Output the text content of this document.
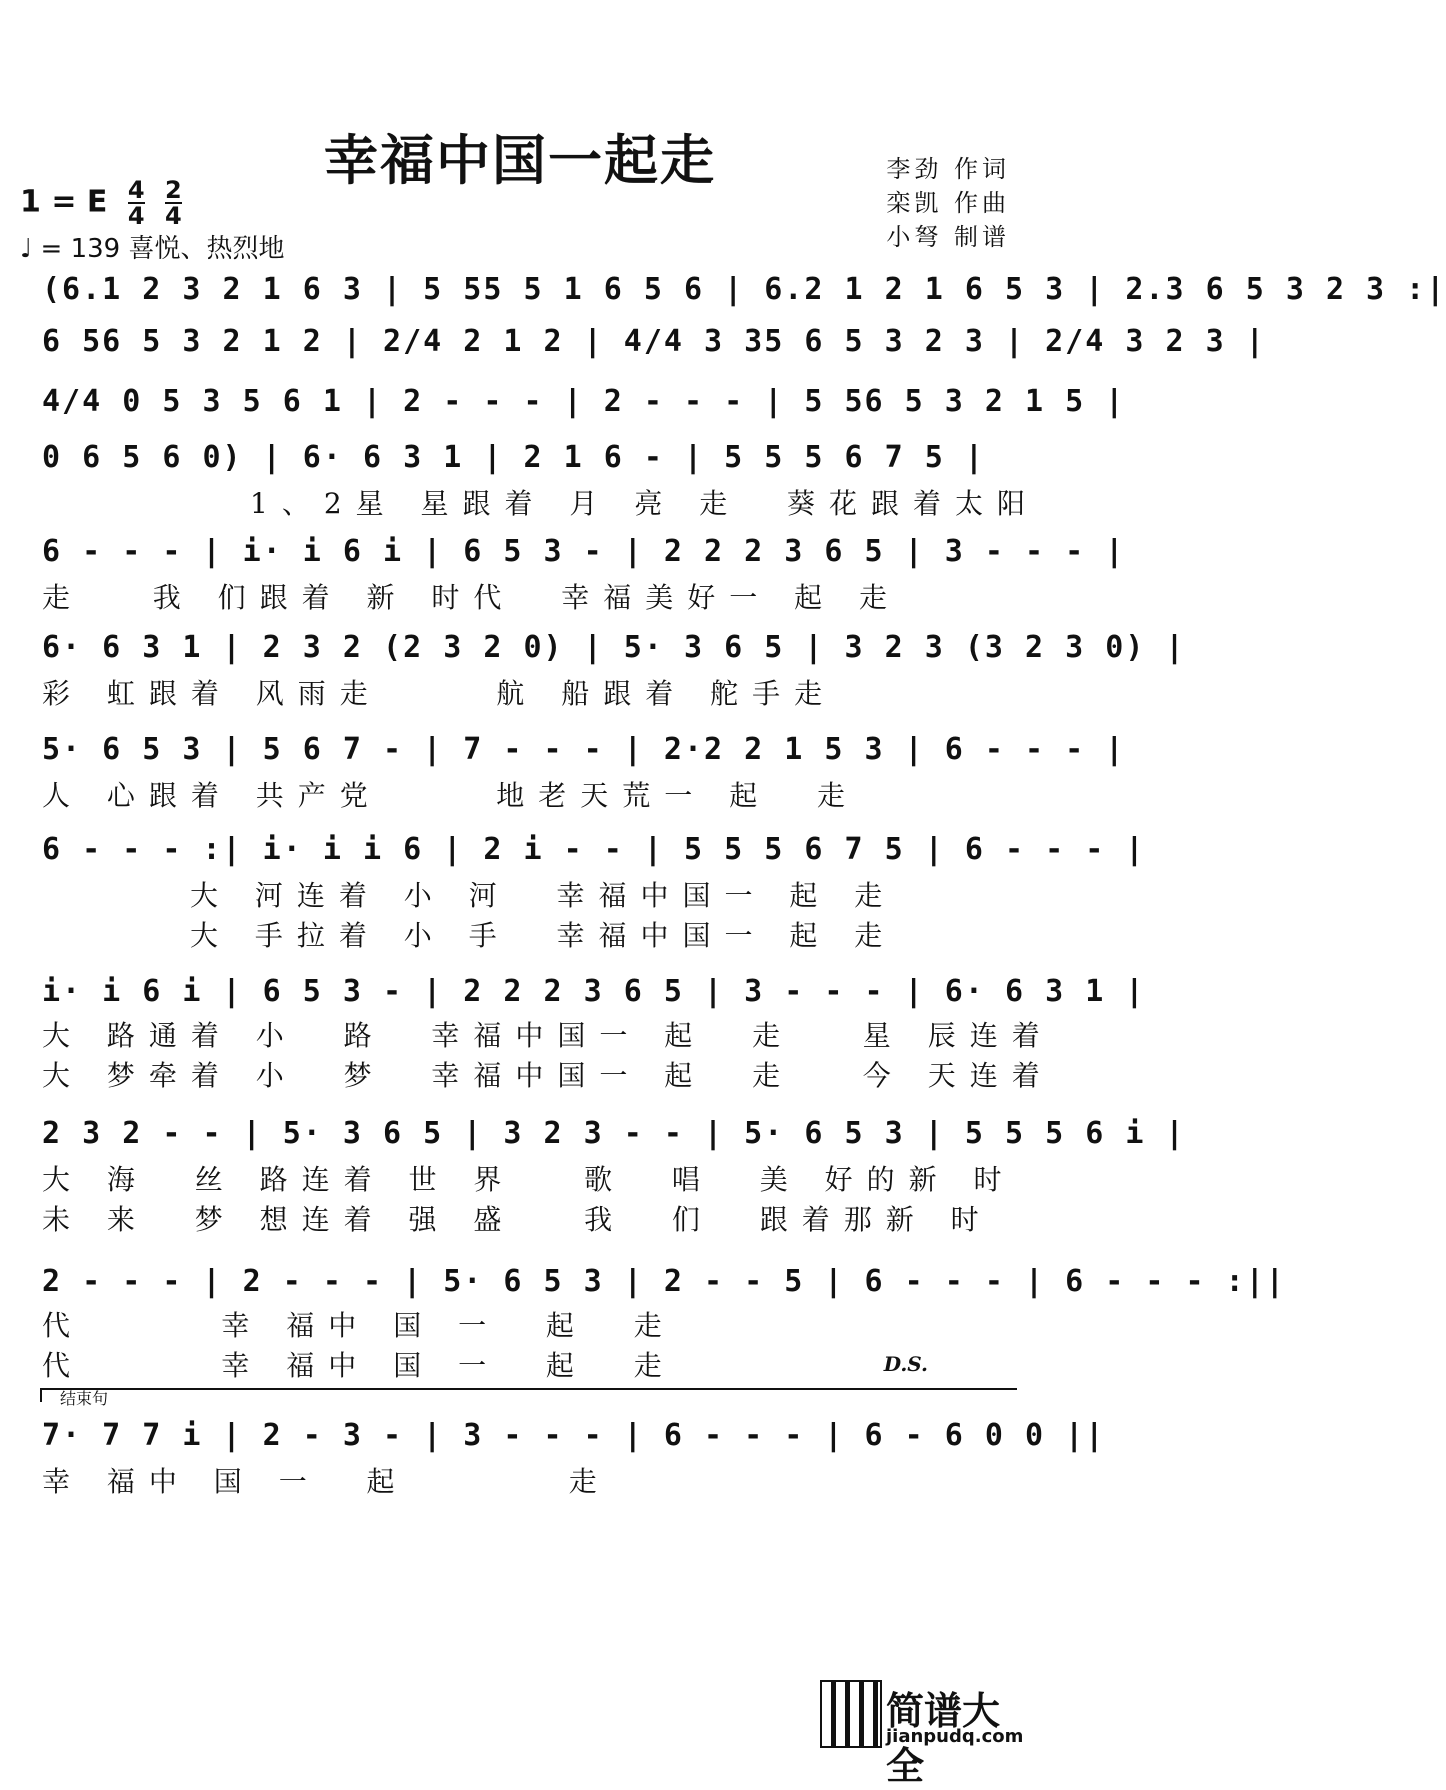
幸福中国一起走
1 = E $\frac{4}{4}$
$\frac{2}{4}$
♩ = 139 喜悦、热烈地
李劲 作词
栾凯 作曲
小弩 制谱
(6.1 2 3 2 1 6 3 | 5 55 5 1 6 5 6 | 6.2 1 2 1 6 5 3 | 2.3 6 5 3 2 3 :|
6 56 5 3 2 1 2 | 2/4 2 1 2 | 4/4 3 35 6 5 3 2 3 | 2/4 3 2 3 |
4/4 0 5 3 5 6 1 | 2 - - - | 2 - - - | 5 56 5 3 2 1 5 |
0 6 5 6 0) | 6· 6 3 1 | 2 1 6 - | 5 5 5 6 7 5 |
1、2星 星跟着 月 亮 走  葵花跟着太阳
6 - - - | i· i 6 i | 6 5 3 - | 2 2 2 3 6 5 | 3 - - - |
走   我 们跟着 新 时代  幸福美好一 起 走
6· 6 3 1 | 2 3 2 (2 3 2 0) | 5· 3 6 5 | 3 2 3 (3 2 3 0) |
彩 虹跟着 风雨走     航 船跟着 舵手走
5· 6 5 3 | 5 6 7 - | 7 - - - | 2·2 2 1 5 3 | 6 - - - |
人 心跟着 共产党     地老天荒一 起  走
6 - - - :| i· i i 6 | 2 i - - | 5 5 5 6 7 5 | 6 - - - |
大 河连着 小 河  幸福中国一 起 走
大 手拉着 小 手  幸福中国一 起 走
i· i 6 i | 6 5 3 - | 2 2 2 3 6 5 | 3 - - - | 6· 6 3 1 |
大 路通着 小  路  幸福中国一 起  走   星 辰连着
大 梦牵着 小  梦  幸福中国一 起  走   今 天连着
2 3 2 - - | 5· 3 6 5 | 3 2 3 - - | 5· 6 5 3 | 5 5 5 6 i |
大 海  丝 路连着 世 界   歌  唱  美 好的新 时
未 来  梦 想连着 强 盛   我  们  跟着那新 时
2 - - - | 2 - - - | 5· 6 5 3 | 2 - - 5 | 6 - - - | 6 - - - :||
代      幸 福中 国 一  起  走
代      幸 福中 国 一  起  走	D.S.
结束句
7· 7 7 i | 2 - 3 - | 3 - - - | 6 - - - | 6 - 6 0 0 ||
幸 福中 国 一  起       走
简谱大全
jianpudq.com
